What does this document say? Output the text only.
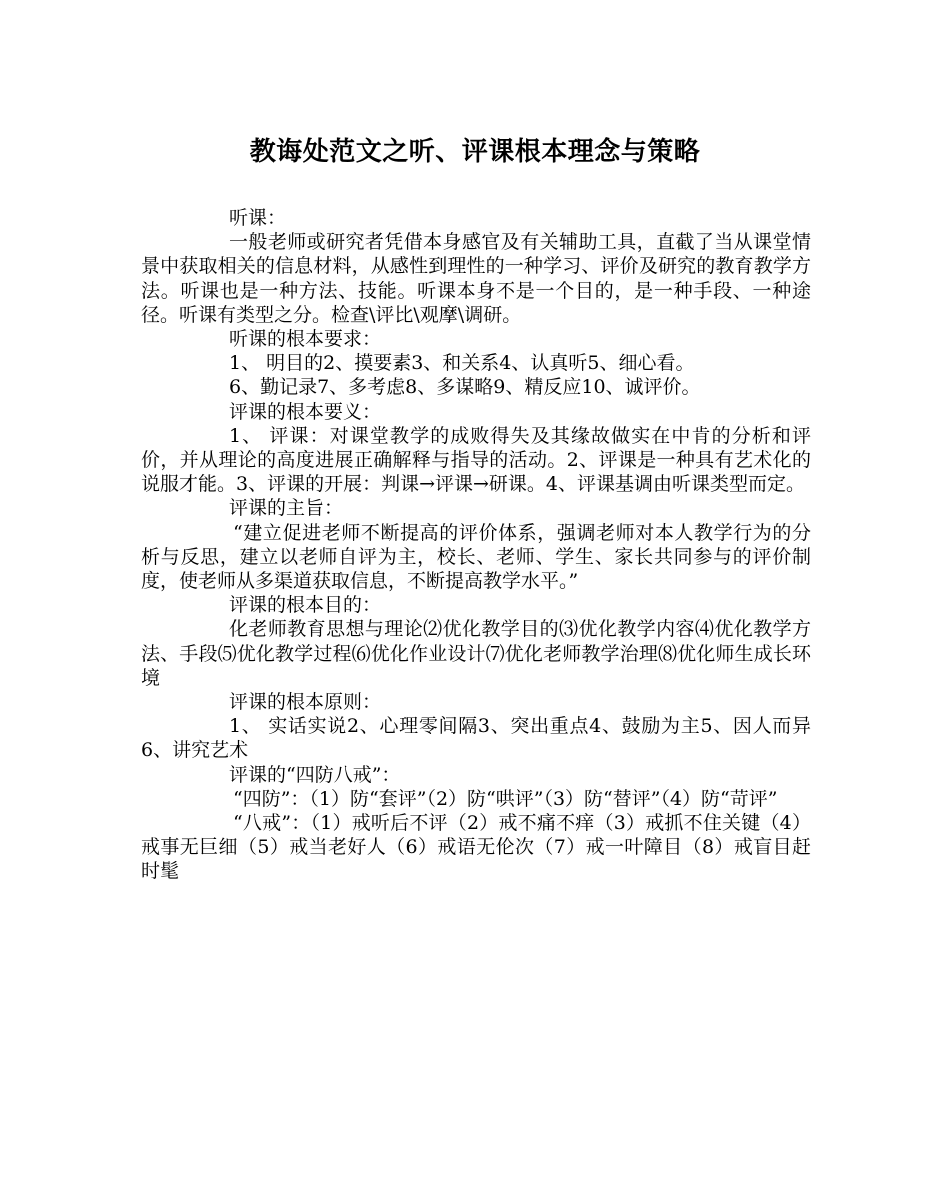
教诲处范文之听、评课根本理念与策略

听课：

一般老师或研究者凭借本身感官及有关辅助工具，直截了当从课堂情景中获取相关的信息材料，从感性到理性的一种学习、评价及研究的教育教学方法。听课也是一种方法、技能。听课本身不是一个目的，是一种手段、一种途径。听课有类型之分。检查\评比\观摩\调研。

听课的根本要求：

1、 明目的2、摸要素3、和关系4、认真听5、细心看。

6、勤记录7、多考虑8、多谋略9、精反应10、诚评价。

评课的根本要义：

1、 评课：对课堂教学的成败得失及其缘故做实在中肯的分析和评价，并从理论的高度进展正确解释与指导的活动。2、评课是一种具有艺术化的说服才能。3、评课的开展：判课→评课→研课。4、评课基调由听课类型而定。

评课的主旨：

“建立促进老师不断提高的评价体系，强调老师对本人教学行为的分析与反思，建立以老师自评为主，校长、老师、学生、家长共同参与的评价制度，使老师从多渠道获取信息，不断提高教学水平。”

评课的根本目的：

化老师教育思想与理论⑵优化教学目的⑶优化教学内容⑷优化教学方法、手段⑸优化教学过程⑹优化作业设计⑺优化老师教学治理⑻优化师生成长环境

评课的根本原则：

1、 实话实说2、心理零间隔3、突出重点4、鼓励为主5、因人而异6、讲究艺术

评课的“四防八戒”：

“四防”：（1）防“套评”（2）防“哄评”（3）防“替评”（4）防“苛评”

“八戒”：（1）戒听后不评（2）戒不痛不痒（3）戒抓不住关键（4）戒事无巨细（5）戒当老好人（6）戒语无伦次（7）戒一叶障目（8）戒盲目赶时髦
